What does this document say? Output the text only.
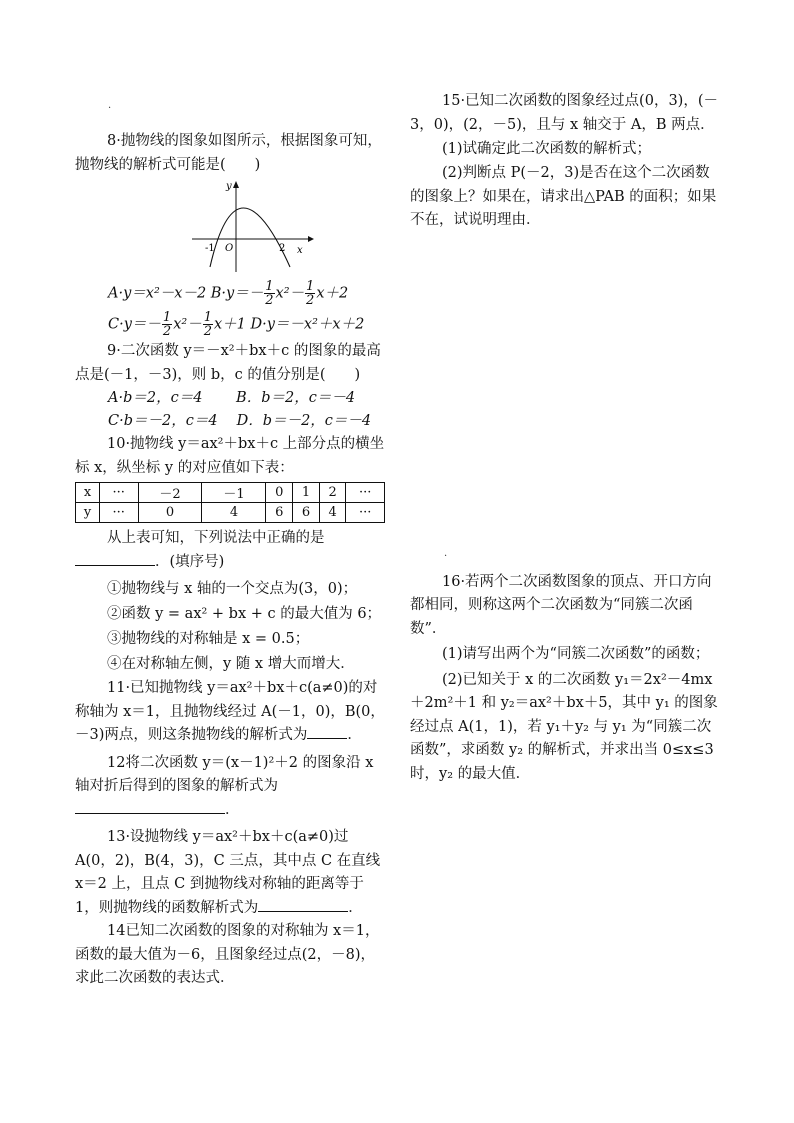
.
.

8·抛物线的图象如图所示，根据图象可知，抛物线的解析式可能是(　　)

y
x
O
-1	2

A·y＝x²－x－2 $B\cdot y=- \frac{1}{2} x^2- \frac{1}{2} x+2$

$C\cdot y=- \frac{1}{2} x^2- \frac{1}{2} x+1$ D·y＝－x²＋x＋2

9·二次函数 y＝－x²＋bx＋c 的图象的最高点是(－1，－3)，则 b，c 的值分别是(　　)

A·b＝2，c＝4　　 B．b＝2，c＝－4

C·b＝－2，c＝4　 D．b＝－2，c＝－4

10·抛物线 y＝ax²＋bx＋c 上部分点的横坐标 x，纵坐标 y 的对应值如下表：

x	···	－2	－1	0	1	2	···
y	···	0	4	6	6	4	···

从上表可知，下列说法中正确的是．(填序号)

①抛物线与 x 轴的一个交点为(3，0)；

②函数 y = ax² + bx + c 的最大值为 6；

③抛物线的对称轴是 x = 0.5；

④在对称轴左侧，y 随 x 增大而增大．

11·已知抛物线 y＝ax²＋bx＋c(a≠0)的对称轴为 x＝1，且抛物线经过 A(－1，0)，B(0，－3)两点，则这条抛物线的解析式为	．

12将二次函数 y＝(x－1)²＋2 的图象沿 x 轴对折后得到的图象的解析式为．

13·设抛物线 y＝ax²＋bx＋c(a≠0)过 A(0，2)，B(4，3)，C 三点，其中点 C 在直线 x＝2 上，且点 C 到抛物线对称轴的距离等于 1，则抛物线的函数解析式为	．

14已知二次函数的图象的对称轴为 x＝1，函数的最大值为－6，且图象经过点(2，－8)，求此二次函数的表达式．

15·已知二次函数的图象经过点(0，3)，(－3，0)，(2，－5)，且与 x 轴交于 A，B 两点．

(1)试确定此二次函数的解析式；

(2)判断点 P(－2，3)是否在这个二次函数的图象上？如果在，请求出△PAB 的面积；如果不在，试说明理由．

16·若两个二次函数图象的顶点、开口方向都相同，则称这两个二次函数为“同簇二次函数”．

(1)请写出两个为“同簇二次函数”的函数；

(2)已知关于 x 的二次函数 y₁＝2x²－4mx＋2m²＋1 和 y₂＝ax²＋bx＋5，其中 y₁ 的图象经过点 A(1，1)，若 y₁＋y₂ 与 y₁ 为“同簇二次函数”，求函数 y₂ 的解析式，并求出当 0≤x≤3 时，y₂ 的最大值．
